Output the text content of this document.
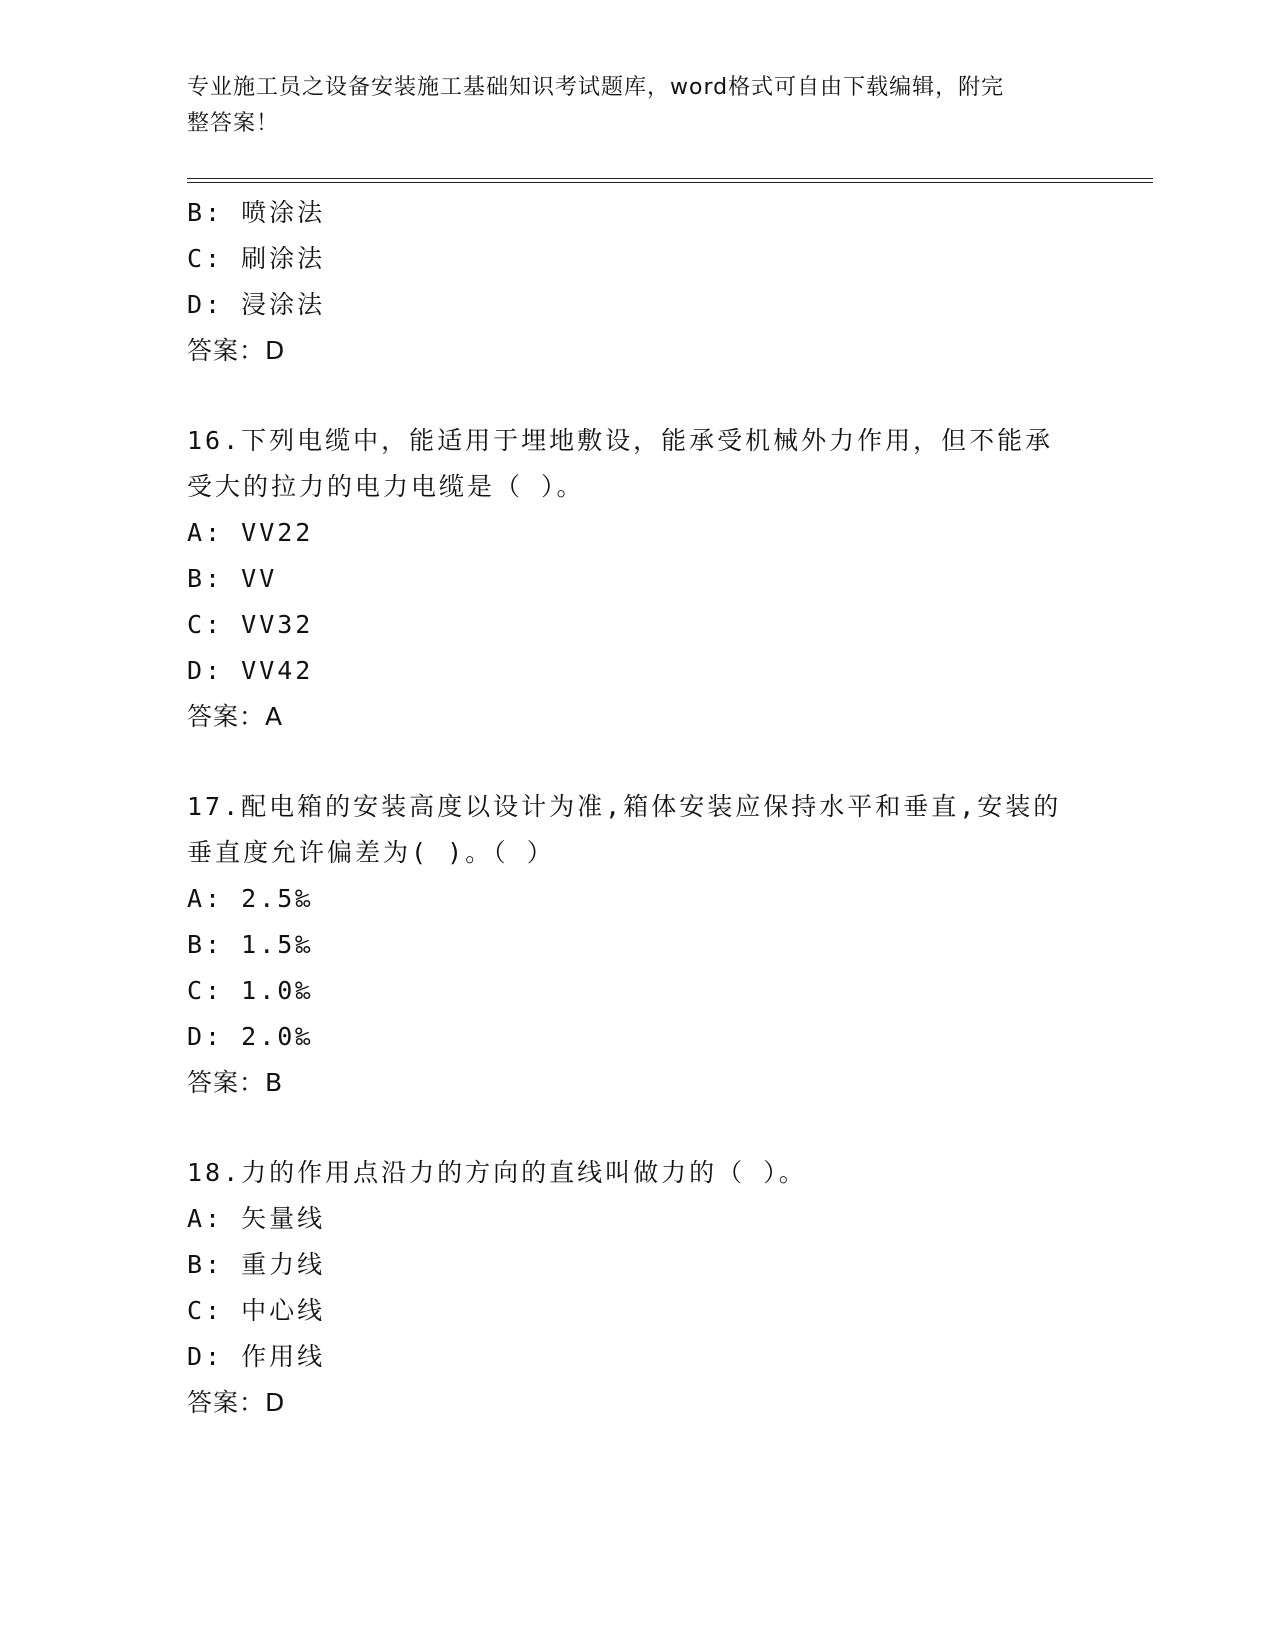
专业施工员之设备安装施工基础知识考试题库，word格式可自由下载编辑，附完
整答案！
B: 喷涂法
C: 刷涂法
D: 浸涂法
答案：D
16.下列电缆中，能适用于埋地敷设，能承受机械外力作用，但不能承
受大的拉力的电力电缆是（ ）。
A: VV22
B: VV
C: VV32
D: VV42
答案：A
17.配电箱的安装高度以设计为准,箱体安装应保持水平和垂直,安装的
垂直度允许偏差为( )。（ ）
A: 2.5‰
B: 1.5‰
C: 1.0‰
D: 2.0‰
答案：B
18.力的作用点沿力的方向的直线叫做力的（ ）。
A: 矢量线
B: 重力线
C: 中心线
D: 作用线
答案：D
